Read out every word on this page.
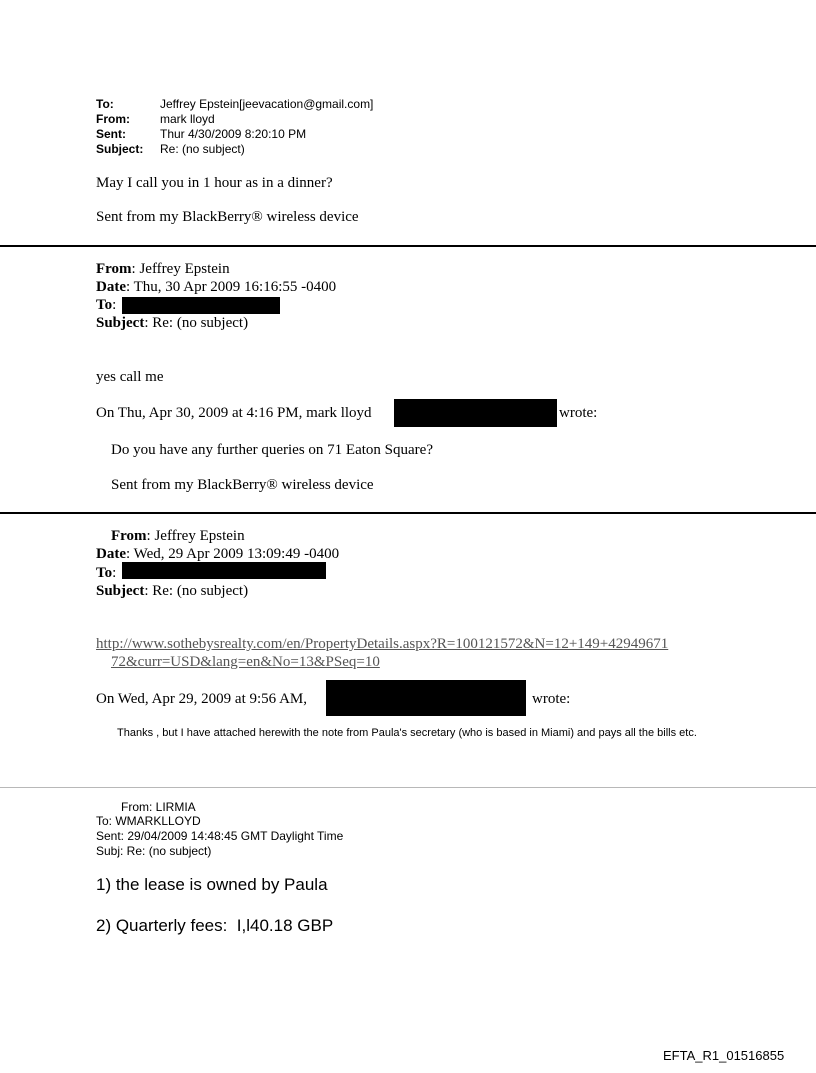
To:	Jeffrey Epstein[jeevacation@gmail.com]
From:	mark lloyd
Sent:	Thur 4/30/2009 8:20:10 PM
Subject: Re: (no subject)
May I call you in 1 hour as in a dinner?
Sent from my BlackBerry® wireless device
From: Jeffrey Epstein
Date: Thu, 30 Apr 2009 16:16:55 -0400
To:
Subject: Re: (no subject)
yes call me
On Thu, Apr 30, 2009 at 4:16 PM, mark lloyd	wrote:
Do you have any further queries on 71 Eaton Square?
Sent from my BlackBerry® wireless device
From: Jeffrey Epstein
Date: Wed, 29 Apr 2009 13:09:49 -0400
To:
Subject: Re: (no subject)
http://www.sothebysrealty.com/en/PropertyDetails.aspx?R=100121572&N=12+149+42949671
72&curr=USD&lang=en&No=13&PSeq=10
On Wed, Apr 29, 2009 at 9:56 AM,	wrote:
Thanks , but I have attached herewith the note from Paula's secretary (who is based in Miami) and pays all the bills etc.
From: LIRMIA
To: WMARKLLOYD
Sent: 29/04/2009 14:48:45 GMT Daylight Time
Subj: Re: (no subject)
1) the lease is owned by Paula
2) Quarterly fees:  I,l40.18 GBP
EFTA_R1_01516855
